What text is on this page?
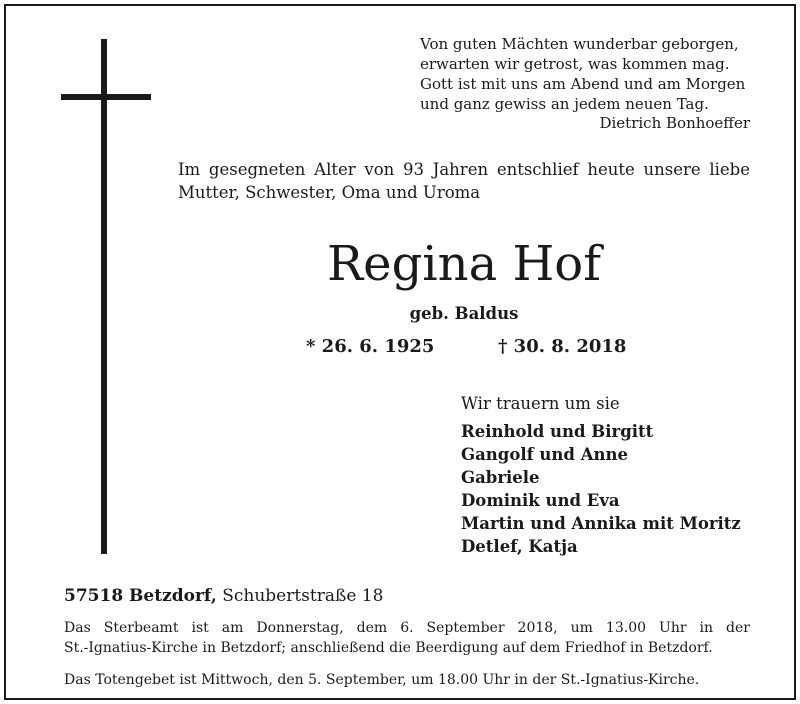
Von guten Mächten wunderbar geborgen,
erwarten wir getrost, was kommen mag.
Gott ist mit uns am Abend und am Morgen
und ganz gewiss an jedem neuen Tag.
Dietrich Bonhoeffer
Im gesegneten Alter von 93 Jahren entschlief heute unsere liebe
Mutter, Schwester, Oma und Uroma
Regina Hof
geb. Baldus
* 26. 6. 1925	† 30. 8. 2018
Wir trauern um sie
Reinhold und Birgitt
Gangolf und Anne
Gabriele
Dominik und Eva
Martin und Annika mit Moritz
Detlef, Katja
57518 Betzdorf, Schubertstraße 18
Das Sterbeamt ist am Donnerstag, dem 6. September 2018, um 13.00 Uhr in der
St.-Ignatius-Kirche in Betzdorf; anschließend die Beerdigung auf dem Friedhof in Betzdorf.
Das Totengebet ist Mittwoch, den 5. September, um 18.00 Uhr in der St.-Ignatius-Kirche.
